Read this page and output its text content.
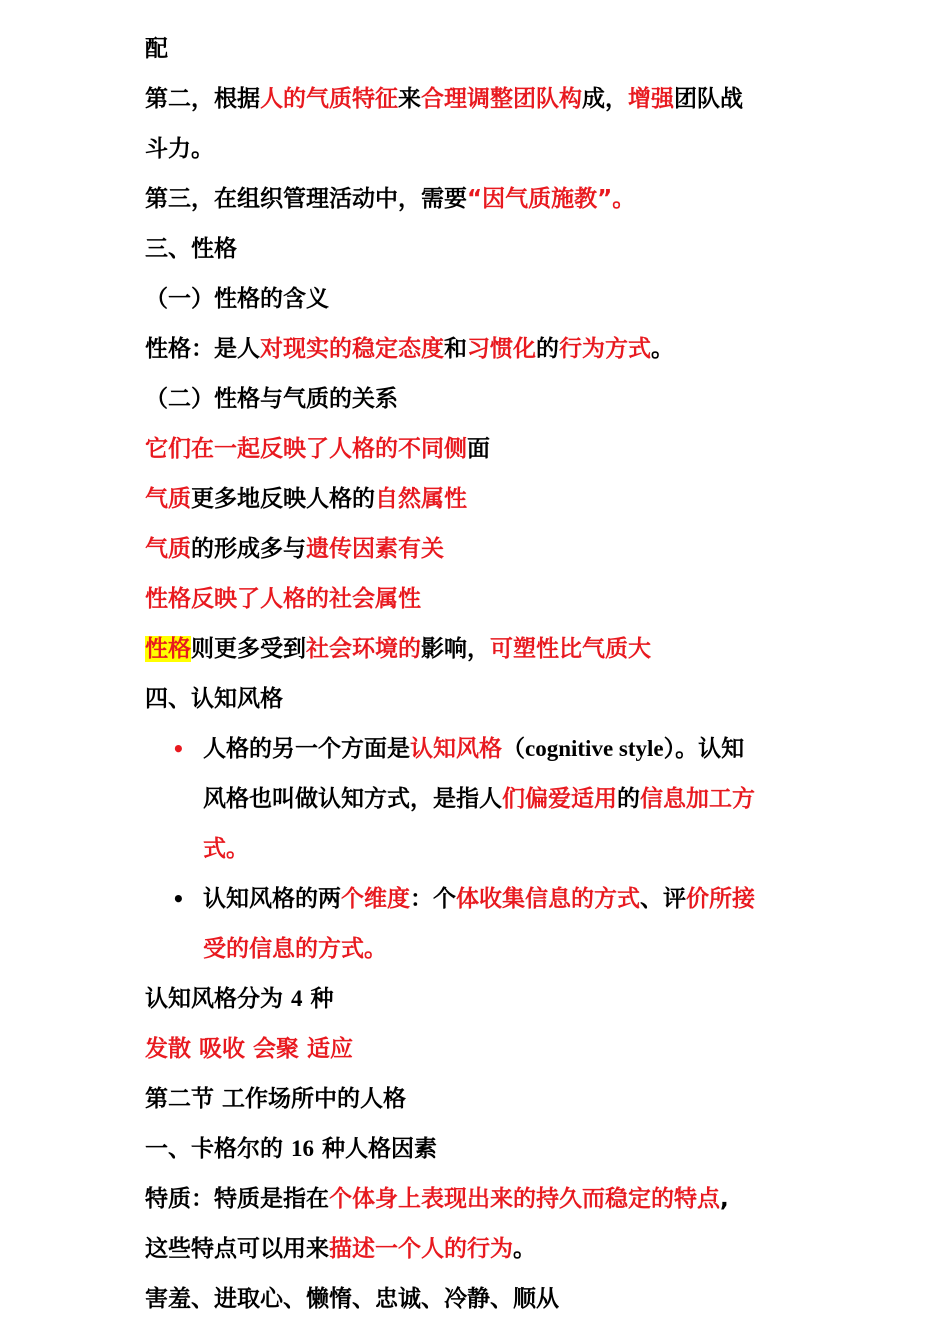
配
第二，根据人的气质特征来合理调整团队构成，增强团队战
斗力。
第三，在组织管理活动中，需要“因气质施教”。
三、性格
（一）性格的含义
性格：是人对现实的稳定态度和习惯化的行为方式。
（二）性格与气质的关系
它们在一起反映了人格的不同侧面
气质更多地反映人格的自然属性
气质的形成多与遗传因素有关
性格反映了人格的社会属性
性格则更多受到社会环境的影响，可塑性比气质大
四、认知风格
• 人格的另一个方面是认知风格（cognitive style）。认知
风格也叫做认知方式，是指人们偏爱适用的信息加工方
式。
• 认知风格的两个维度：个体收集信息的方式、评价所接
受的信息的方式。
认知风格分为 4 种
发散 吸收 会聚 适应
第二节 工作场所中的人格
一、卡格尔的 16 种人格因素
特质：特质是指在个体身上表现出来的持久而稳定的特点,
这些特点可以用来描述一个人的行为。
害羞、进取心、懒惰、忠诚、冷静、顺从
